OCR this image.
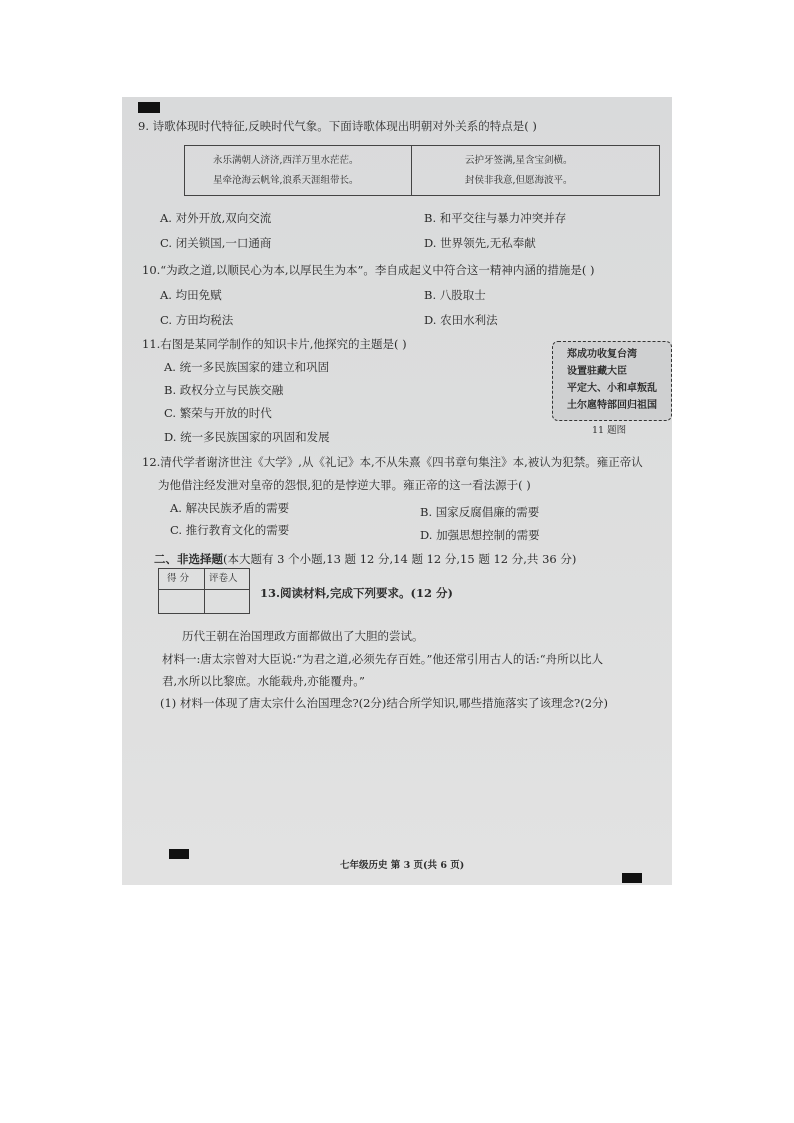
9. 诗歌体现时代特征,反映时代气象。下面诗歌体现出明朝对外关系的特点是( )
永乐满朝人济济,西洋万里水茫茫。
星牵沧海云帆耸,浪系天涯组带长。
云护牙签满,星含宝剑横。
封侯非我意,但愿海波平。
A. 对外开放,双向交流	B. 和平交往与暴力冲突并存
C. 闭关锁国,一口通商	D. 世界领先,无私奉献
10.“为政之道,以顺民心为本,以厚民生为本”。李自成起义中符合这一精神内涵的措施是( )
A. 均田免赋	B. 八股取士
C. 方田均税法	D. 农田水利法
11.右图是某同学制作的知识卡片,他探究的主题是( )
A. 统一多民族国家的建立和巩固
B. 政权分立与民族交融
C. 繁荣与开放的时代
D. 统一多民族国家的巩固和发展
郑成功收复台湾
设置驻藏大臣
平定大、小和卓叛乱
土尔扈特部回归祖国
11 题图
12.清代学者谢济世注《大学》,从《礼记》本,不从朱熹《四书章句集注》本,被认为犯禁。雍正帝认
为他借注经发泄对皇帝的怨恨,犯的是悖逆大罪。雍正帝的这一看法源于( )
A. 解决民族矛盾的需要	B. 国家反腐倡廉的需要
C. 推行教育文化的需要	D. 加强思想控制的需要
二、非选择题(本大题有 3 个小题,13 题 12 分,14 题 12 分,15 题 12 分,共 36 分)
得 分 评卷人
13.阅读材料,完成下列要求。(12 分)
历代王朝在治国理政方面都做出了大胆的尝试。
材料一:唐太宗曾对大臣说:“为君之道,必须先存百姓。”他还常引用古人的话:“舟所以比人
君,水所以比黎庶。水能载舟,亦能覆舟。”
(1) 材料一体现了唐太宗什么治国理念?(2分)结合所学知识,哪些措施落实了该理念?(2分)
七年级历史 第 3 页(共 6 页)
